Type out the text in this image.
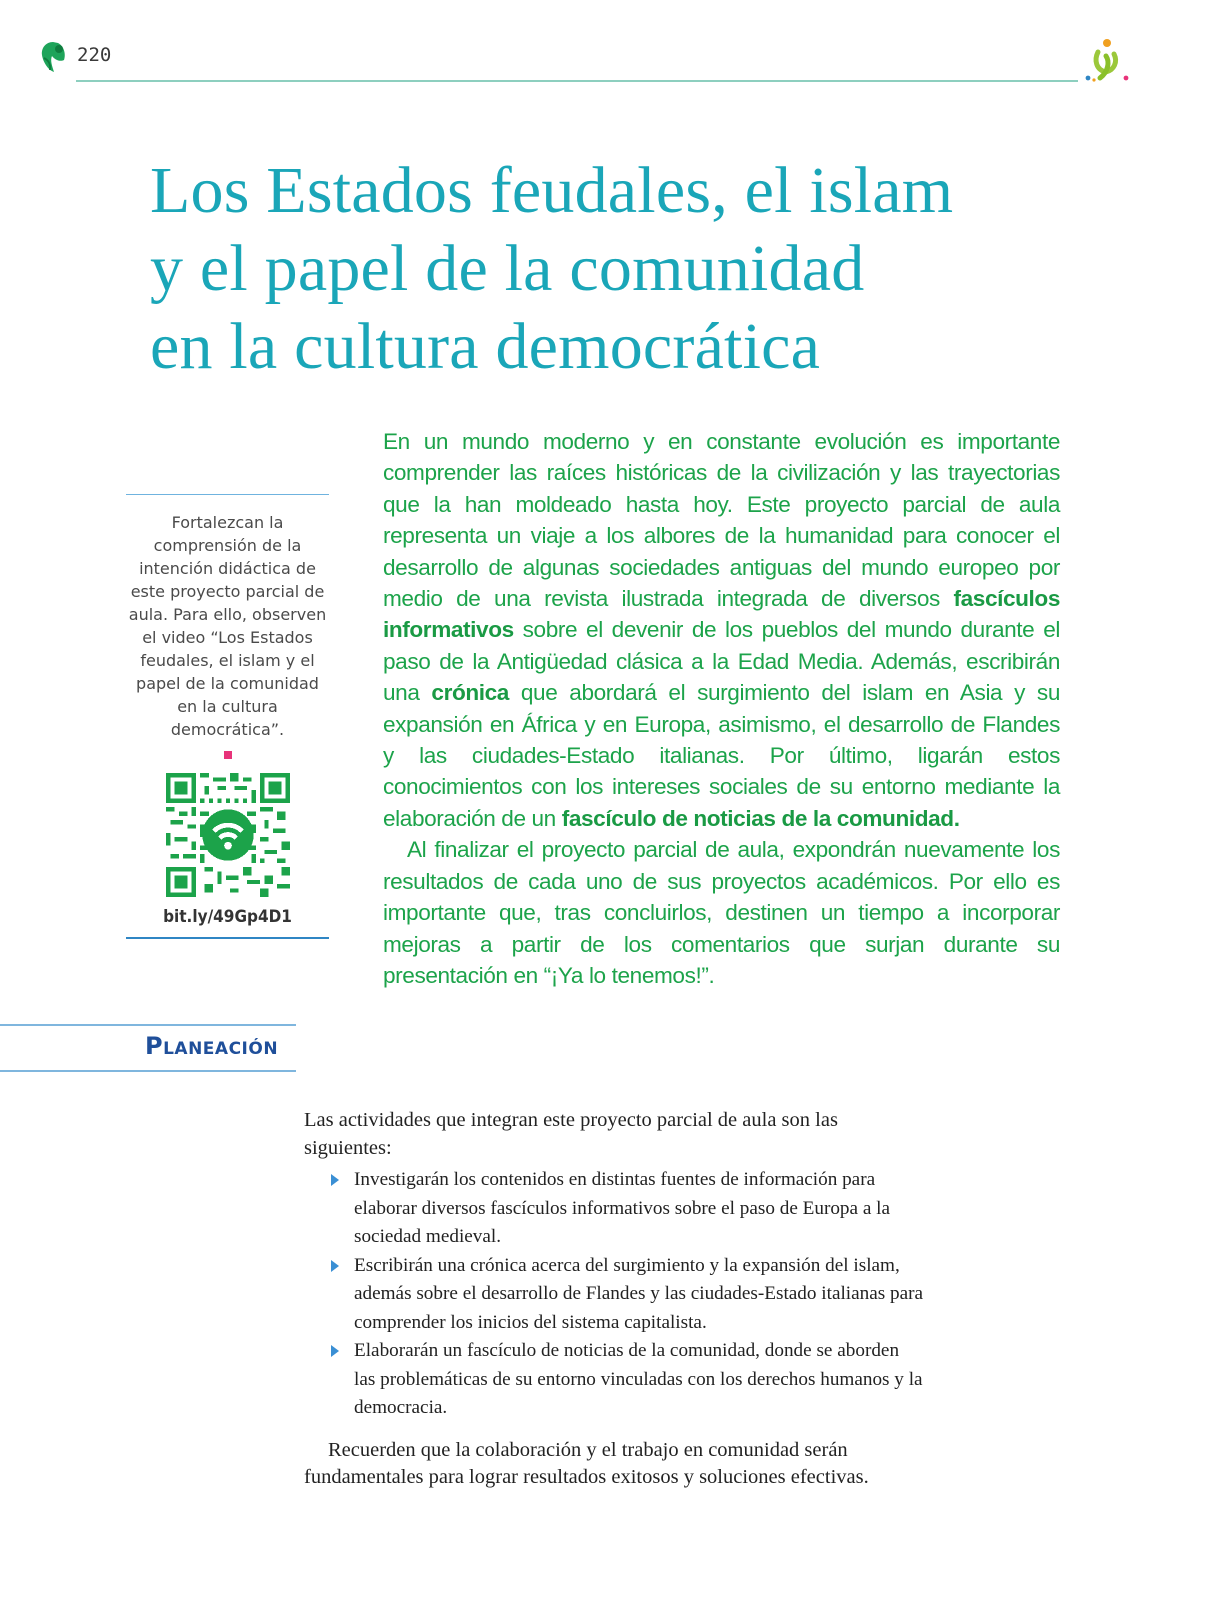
220
Los Estados feudales, el islam
y el papel de la comunidad
en la cultura democrática

Fortalezcan la comprensión de la intención didáctica de este proyecto parcial de aula. Para ello, observen el video “Los Estados feudales, el islam y el papel de la comunidad en la cultura democrática”.

bit.ly/49Gp4D1

En un mundo moderno y en constante evolución es importante comprender las raíces históricas de la civilización y las trayectorias que la han moldeado hasta hoy. Este proyecto parcial de aula representa un viaje a los albores de la humanidad para conocer el desarrollo de algunas sociedades antiguas del mundo europeo por medio de una revista ilustrada integrada de diversos fascículos informativos sobre el devenir de los pueblos del mundo durante el paso de la Antigüedad clásica a la Edad Media. Además, escribirán una crónica que abordará el surgimiento del islam en Asia y su expansión en África y en Europa, asimismo, el desarrollo de Flandes y las ciudades-Estado italianas. Por último, ligarán estos conocimientos con los intereses sociales de su entorno mediante la elaboración de un fascículo de noticias de la comunidad.

Al finalizar el proyecto parcial de aula, expondrán nuevamente los resultados de cada uno de sus proyectos académicos. Por ello es importante que, tras concluirlos, destinen un tiempo a incorporar mejoras a partir de los comentarios que surjan durante su presentación en “¡Ya lo tenemos!”.

Planeación

Las actividades que integran este proyecto parcial de aula son las siguientes:

Investigarán los contenidos en distintas fuentes de información para elaborar diversos fascículos informativos sobre el paso de Europa a la sociedad medieval.
Escribirán una crónica acerca del surgimiento y la expansión del islam, además sobre el desarrollo de Flandes y las ciudades-Estado italianas para comprender los inicios del sistema capitalista.
Elaborarán un fascículo de noticias de la comunidad, donde se aborden las problemáticas de su entorno vinculadas con los derechos humanos y la democracia.

Recuerden que la colaboración y el trabajo en comunidad serán fundamentales para lograr resultados exitosos y soluciones efectivas.
